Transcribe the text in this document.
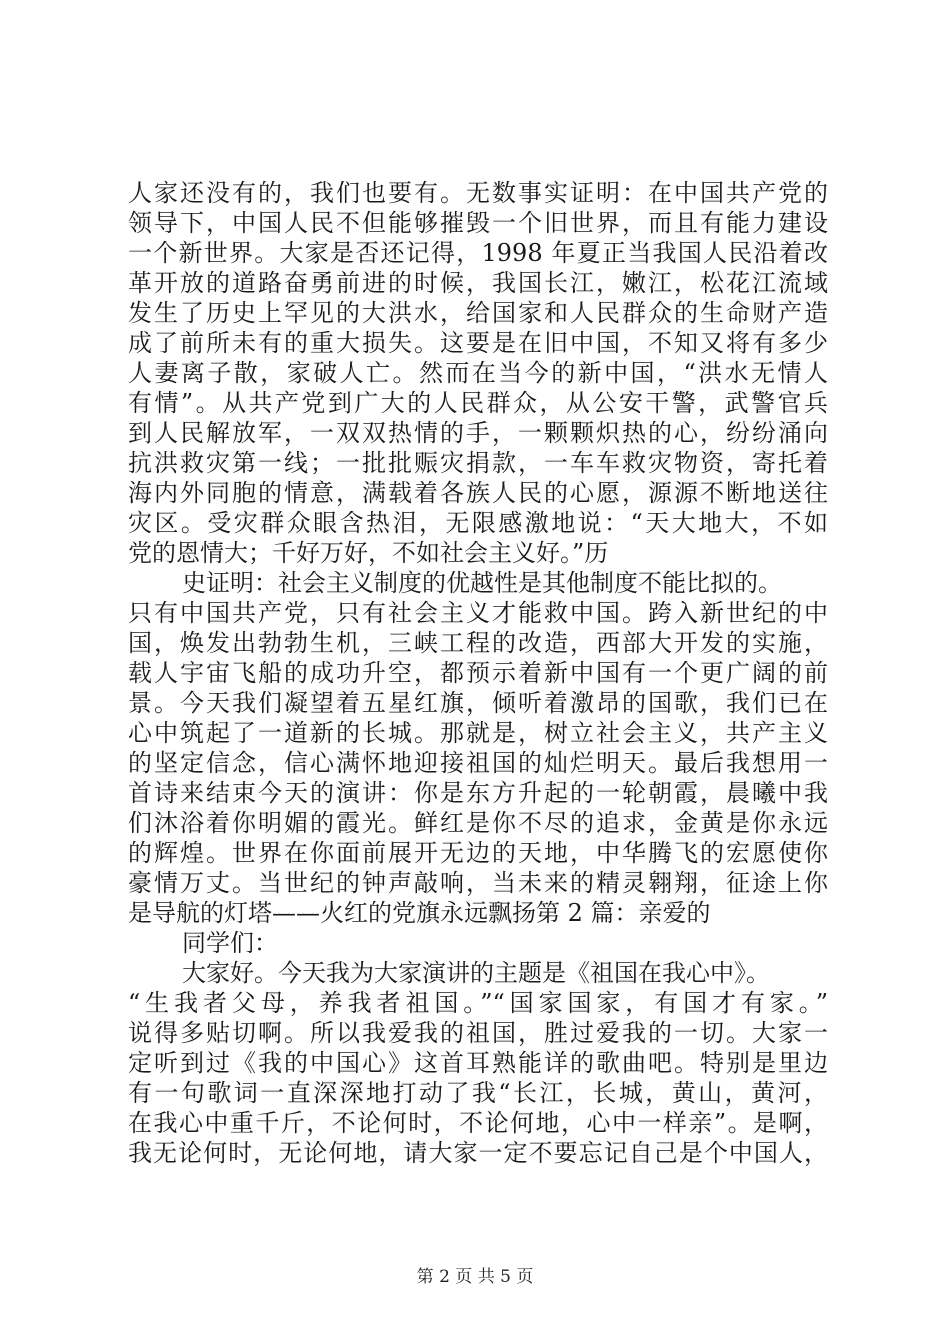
人家还没有的，我们也要有。无数事实证明：在中国共产党的
领导下，中国人民不但能够摧毁一个旧世界，而且有能力建设
一个新世界。大家是否还记得，1998 年夏正当我国人民沿着改
革开放的道路奋勇前进的时候，我国长江，嫩江，松花江流域
发生了历史上罕见的大洪水，给国家和人民群众的生命财产造
成了前所未有的重大损失。这要是在旧中国，不知又将有多少
人妻离子散，家破人亡。然而在当今的新中国，“洪水无情人
有情”。从共产党到广大的人民群众，从公安干警，武警官兵
到人民解放军，一双双热情的手，一颗颗炽热的心，纷纷涌向
抗洪救灾第一线；一批批赈灾捐款，一车车救灾物资，寄托着
海内外同胞的情意，满载着各族人民的心愿，源源不断地送往
灾区。受灾群众眼含热泪，无限感激地说：“天大地大，不如
党的恩情大；千好万好，不如社会主义好。”历
史证明：社会主义制度的优越性是其他制度不能比拟的。
只有中国共产党，只有社会主义才能救中国。跨入新世纪的中
国，焕发出勃勃生机，三峡工程的改造，西部大开发的实施，
载人宇宙飞船的成功升空，都预示着新中国有一个更广阔的前
景。今天我们凝望着五星红旗，倾听着激昂的国歌，我们已在
心中筑起了一道新的长城。那就是，树立社会主义，共产主义
的坚定信念，信心满怀地迎接祖国的灿烂明天。最后我想用一
首诗来结束今天的演讲：你是东方升起的一轮朝霞，晨曦中我
们沐浴着你明媚的霞光。鲜红是你不尽的追求，金黄是你永远
的辉煌。世界在你面前展开无边的天地，中华腾飞的宏愿使你
豪情万丈。当世纪的钟声敲响，当未来的精灵翱翔，征途上你
是导航的灯塔——火红的党旗永远飘扬第 2 篇：亲爱的
同学们：
大家好。今天我为大家演讲的主题是《祖国在我心中》。
“生我者父母，养我者祖国。”“国家国家，有国才有家。”
说得多贴切啊。所以我爱我的祖国，胜过爱我的一切。大家一
定听到过《我的中国心》这首耳熟能详的歌曲吧。特别是里边
有一句歌词一直深深地打动了我“长江，长城，黄山，黄河，
在我心中重千斤，不论何时，不论何地，心中一样亲”。是啊，
我无论何时，无论何地，请大家一定不要忘记自己是个中国人，
第 2 页 共 5 页
